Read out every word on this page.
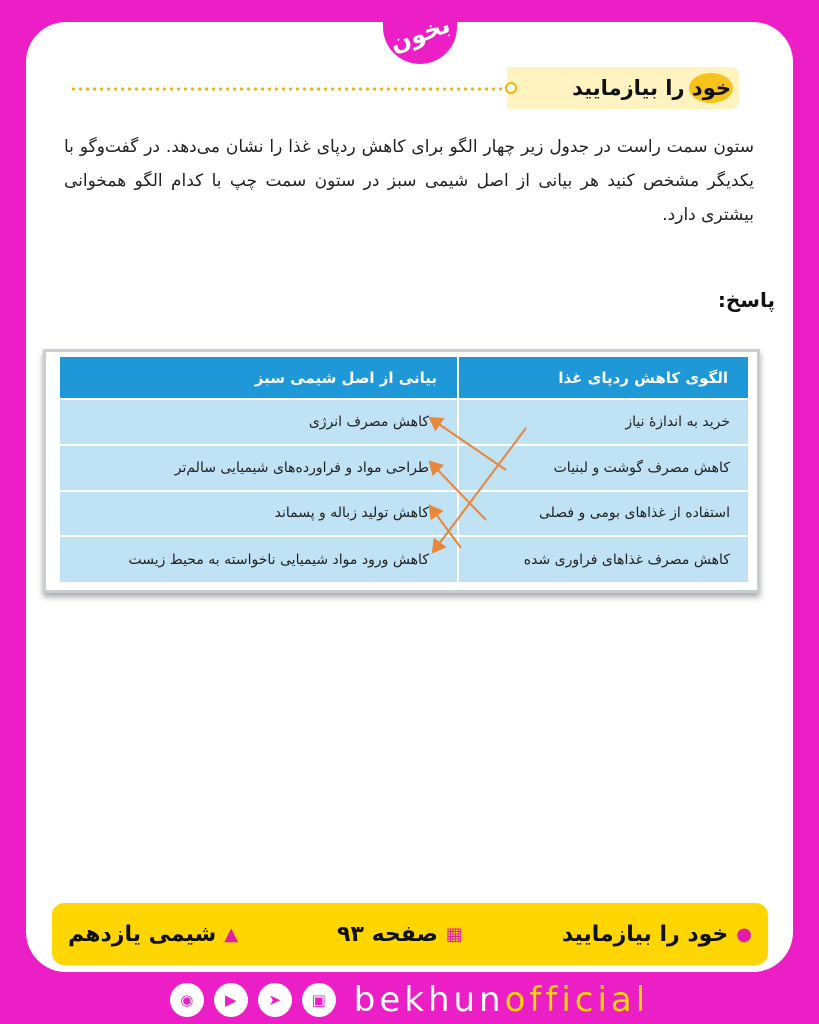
بخون
خود را بیازمایید

ستون سمت راست در جدول زیر چهار الگو برای کاهش ردپای غذا را نشان می‌دهد. در گفت‌وگو با یکدیگر مشخص کنید هر بیانی از اصل شیمی سبز در ستون سمت چپ با کدام الگو همخوانی بیشتری دارد.

پاسخ:
الگوی کاهش ردپای غذا	بیانی از اصل شیمی سبز
خرید به اندازهٔ نیاز	کاهش مصرف انرژی
کاهش مصرف گوشت و لبنیات	طراحی مواد و فراورده‌های شیمیایی سالم‌تر
استفاده از غذاهای بومی و فصلی	کاهش تولید زباله و پسماند
کاهش مصرف غذاهای فراوری شده	کاهش ورود مواد شیمیایی ناخواسته به محیط زیست
●
خود را بیازمایید
▦
صفحه ۹۳
▲
شیمی یازدهم
◉	▶	➤	▣ bekhunofficial
